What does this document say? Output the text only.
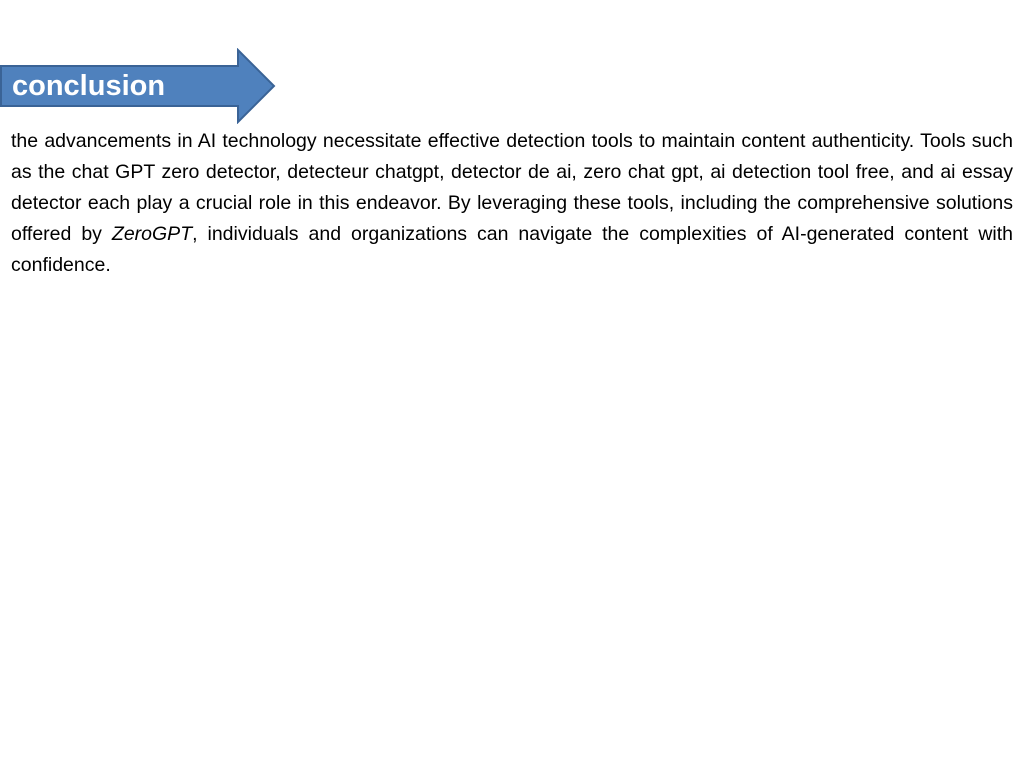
conclusion

the advancements in AI technology necessitate effective detection tools to maintain content authenticity. Tools such as the chat GPT zero detector, detecteur chatgpt, detector de ai, zero chat gpt, ai detection tool free, and ai essay detector each play a crucial role in this endeavor. By leveraging these tools, including the comprehensive solutions offered by ZeroGPT, individuals and organizations can navigate the complexities of AI-generated content with confidence.
